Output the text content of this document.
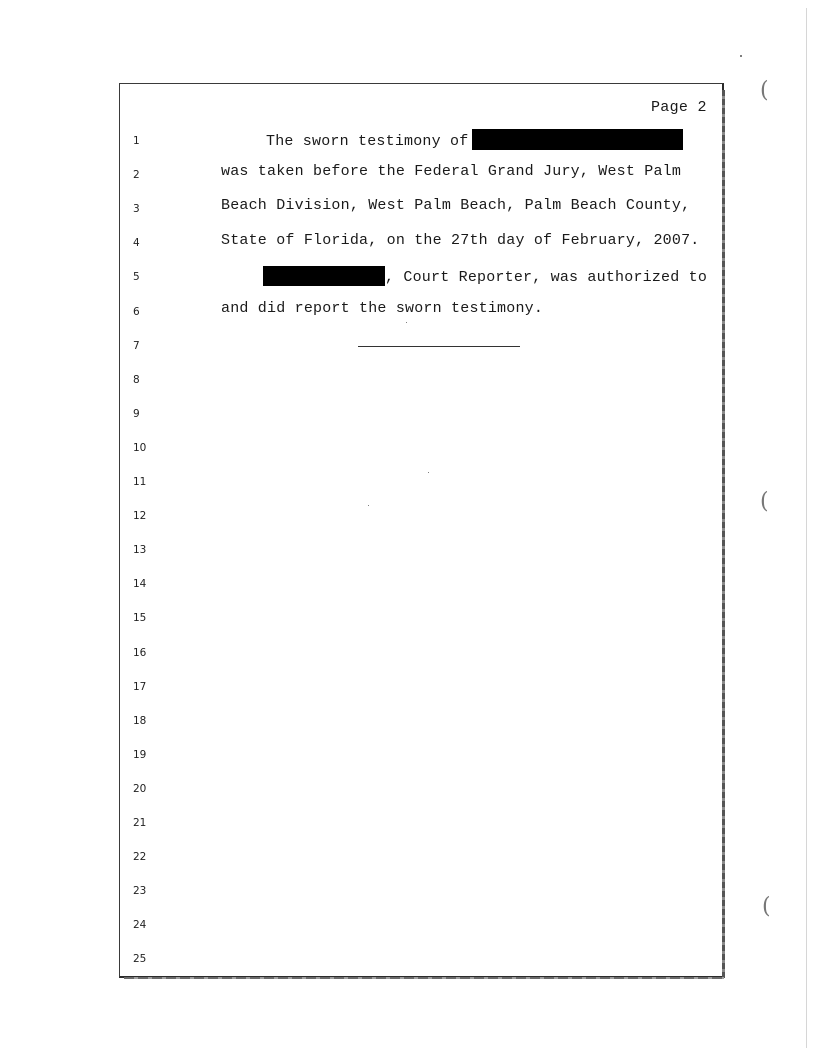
Page 2
1
2
3
4
5
6
7
8
9
10
11
12
13
14
15
16
17
18
19
20
21
22
23
24
25
The sworn testimony of
was taken before the Federal Grand Jury, West Palm
Beach Division, West Palm Beach, Palm Beach County,
State of Florida, on the 27th day of February, 2007.
, Court Reporter, was authorized to
and did report the sworn testimony.
(
(
(
